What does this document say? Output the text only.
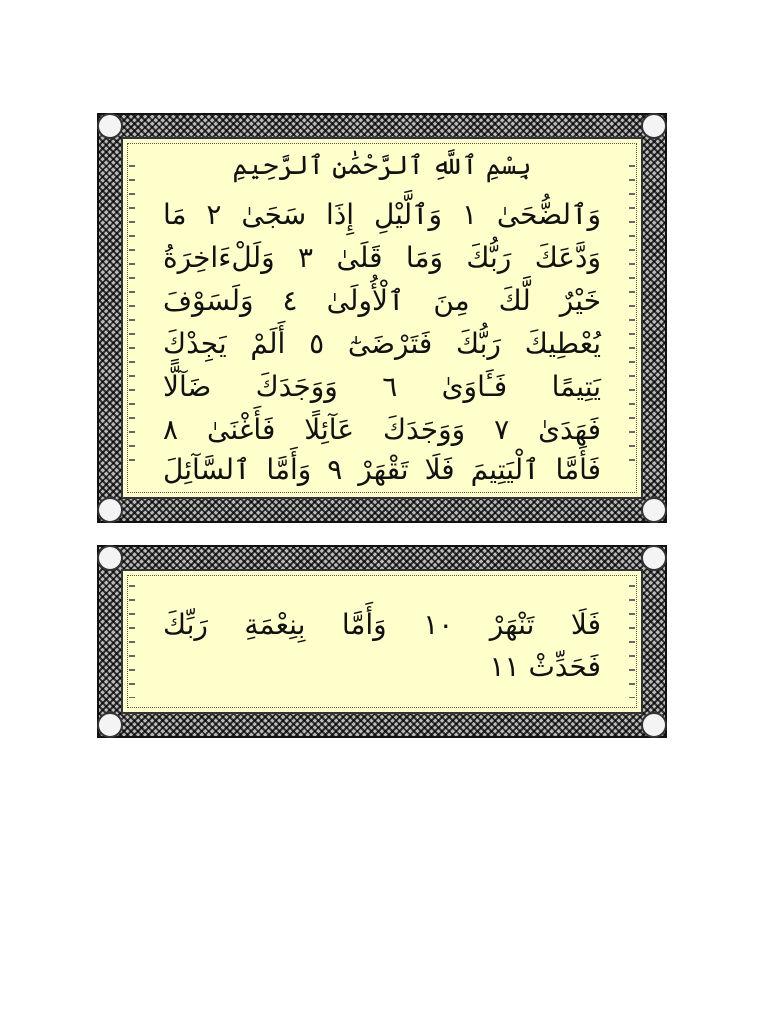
بِسْمِ ٱللَّهِ ٱلرَّحْمَٰنِ ٱلرَّحِيمِ
وَٱلضُّحَىٰ ١ وَٱلَّيْلِ إِذَا سَجَىٰ ٢ مَا
وَدَّعَكَ رَبُّكَ وَمَا قَلَىٰ ٣ وَلَلْءَاخِرَةُ
خَيْرٌ لَّكَ مِنَ ٱلْأُولَىٰ ٤ وَلَسَوْفَ
يُعْطِيكَ رَبُّكَ فَتَرْضَىٰٓ ٥ أَلَمْ يَجِدْكَ
يَتِيمًا فَـَٔاوَىٰ ٦ وَوَجَدَكَ ضَآلًّا
فَهَدَىٰ ٧ وَوَجَدَكَ عَآئِلًا فَأَغْنَىٰ ٨
فَأَمَّا ٱلْيَتِيمَ فَلَا تَقْهَرْ ٩ وَأَمَّا ٱلسَّآئِلَ
فَلَا تَنْهَرْ ١٠ وَأَمَّا بِنِعْمَةِ رَبِّكَ
فَحَدِّثْ ١١
